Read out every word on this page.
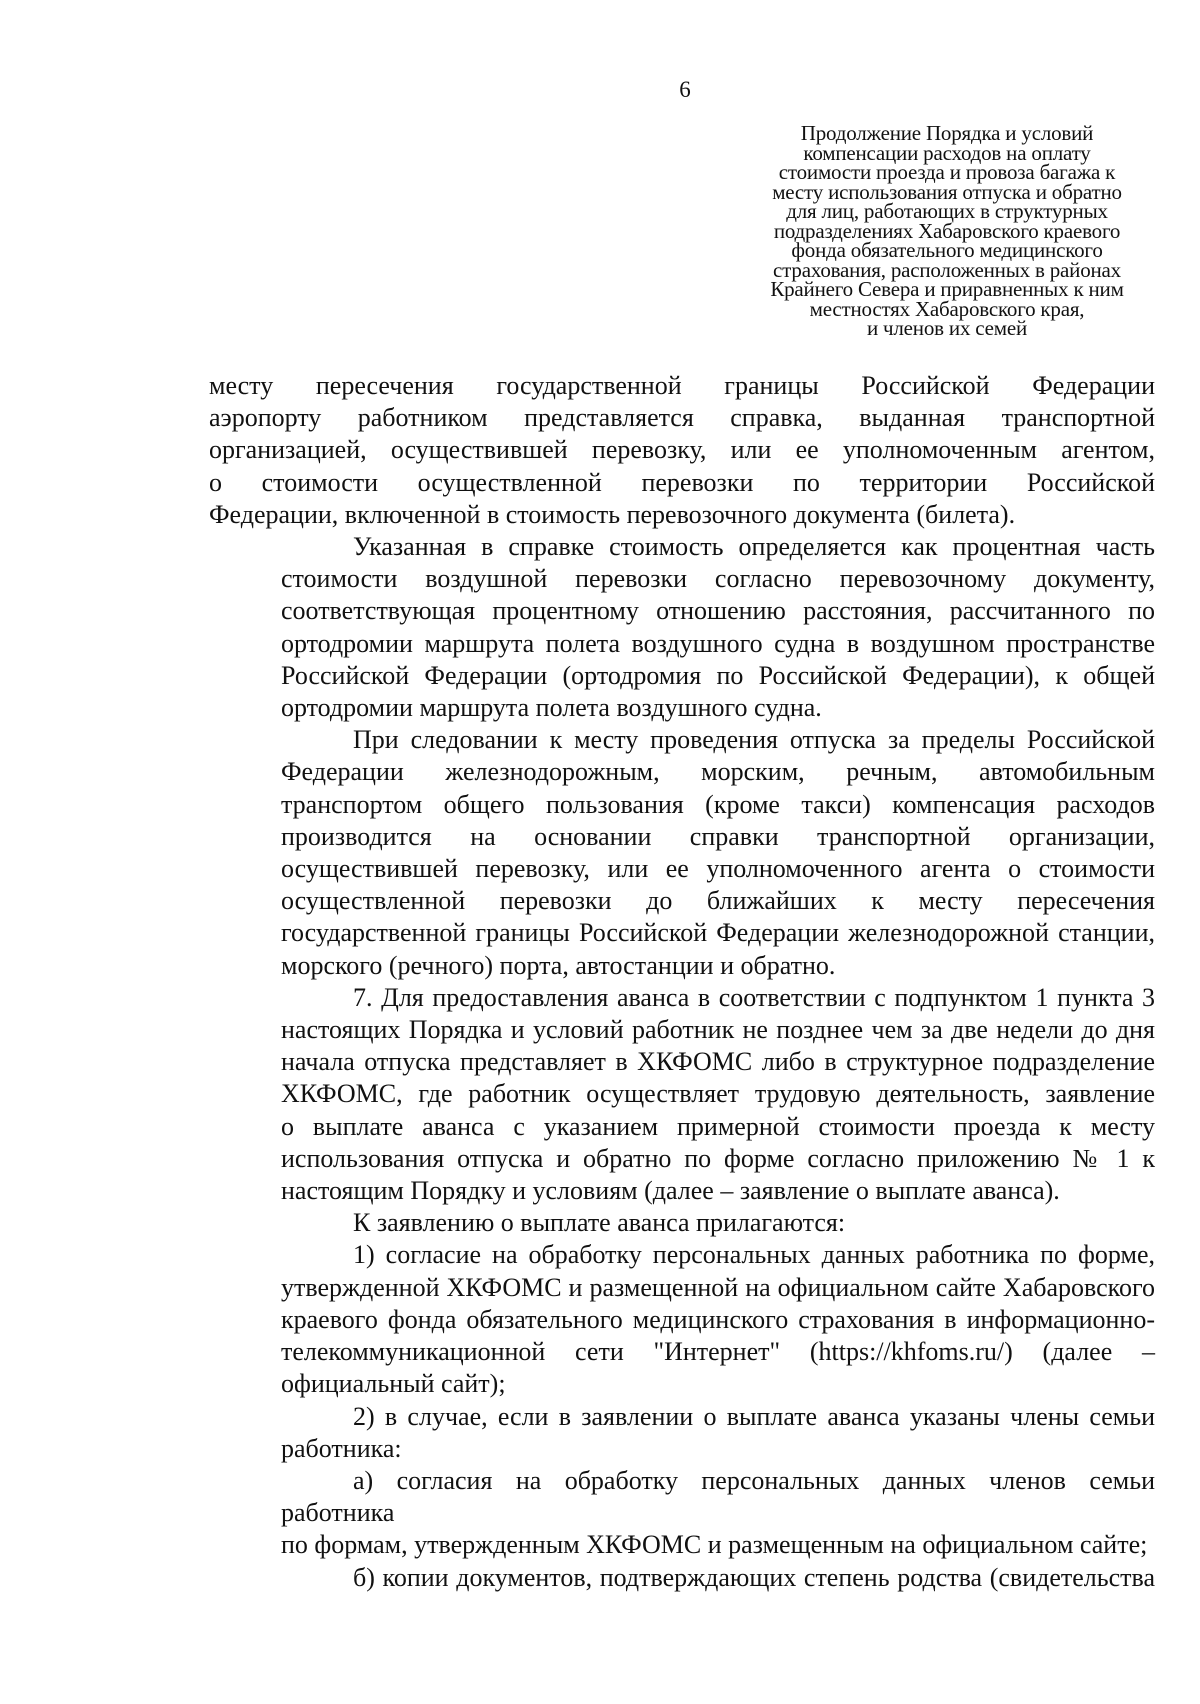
6
Продолжение Порядка и условий
компенсации расходов на оплату
стоимости проезда и провоза багажа к
месту использования отпуска и обратно
для лиц, работающих в структурных
подразделениях Хабаровского краевого
фонда обязательного медицинского
страхования, расположенных в районах
Крайнего Севера и приравненных к ним
местностях Хабаровского края,
и членов их семей
месту пересечения государственной границы Российской Федерации
аэропорту работником представляется справка, выданная транспортной
организацией, осуществившей перевозку, или ее уполномоченным агентом,
о стоимости осуществленной перевозки по территории Российской
Федерации, включенной в стоимость перевозочного документа (билета).
Указанная в справке стоимость определяется как процентная часть
стоимости воздушной перевозки согласно перевозочному документу,
соответствующая процентному отношению расстояния, рассчитанного по
ортодромии маршрута полета воздушного судна в воздушном пространстве
Российской Федерации (ортодромия по Российской Федерации), к общей
ортодромии маршрута полета воздушного судна.
При следовании к месту проведения отпуска за пределы Российской
Федерации железнодорожным, морским, речным, автомобильным
транспортом общего пользования (кроме такси) компенсация расходов
производится на основании справки транспортной организации,
осуществившей перевозку, или ее уполномоченного агента о стоимости
осуществленной перевозки до ближайших к месту пересечения
государственной границы Российской Федерации железнодорожной станции,
морского (речного) порта, автостанции и обратно.
7. Для предоставления аванса в соответствии с подпунктом 1 пункта 3
настоящих Порядка и условий работник не позднее чем за две недели до дня
начала отпуска представляет в ХКФОМС либо в структурное подразделение
ХКФОМС, где работник осуществляет трудовую деятельность, заявление
о выплате аванса с указанием примерной стоимости проезда к месту
использования отпуска и обратно по форме согласно приложению № 1 к
настоящим Порядку и условиям (далее – заявление о выплате аванса).
К заявлению о выплате аванса прилагаются:
1) согласие на обработку персональных данных работника по форме,
утвержденной ХКФОМС и размещенной на официальном сайте Хабаровского
краевого фонда обязательного медицинского страхования в информационно-
телекоммуникационной сети "Интернет" (https://khfoms.ru/) (далее –
официальный сайт);
2) в случае, если в заявлении о выплате аванса указаны члены семьи
работника:
а) согласия на обработку персональных данных членов семьи работника
по формам, утвержденным ХКФОМС и размещенным на официальном сайте;
б) копии документов, подтверждающих степень родства (свидетельства
